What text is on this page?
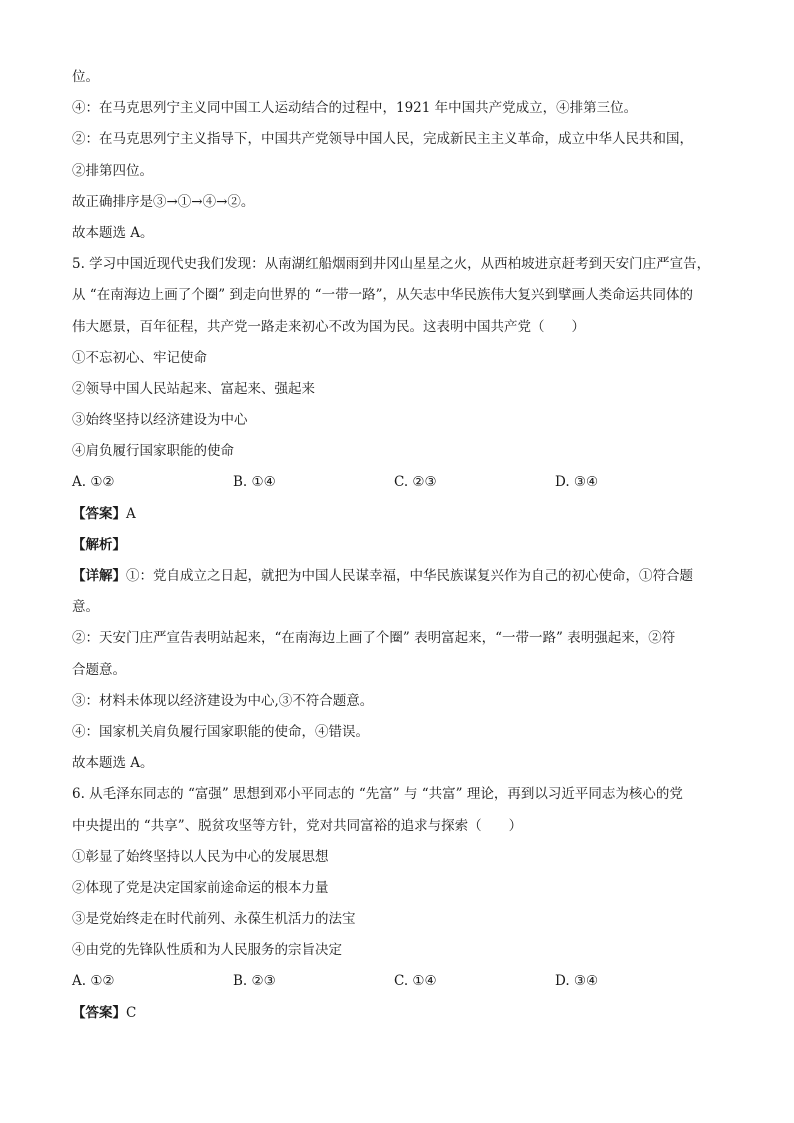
位。
④：在马克思列宁主义同中国工人运动结合的过程中，1921 年中国共产党成立，④排第三位。
②：在马克思列宁主义指导下，中国共产党领导中国人民，完成新民主主义革命，成立中华人民共和国，
②排第四位。
故正确排序是③→①→④→②。
故本题选 A。
5. 学习中国近现代史我们发现：从南湖红船烟雨到井冈山星星之火，从西柏坡进京赶考到天安门庄严宣告，
从 “在南海边上画了个圈” 到走向世界的 “一带一路”，从矢志中华民族伟大复兴到擘画人类命运共同体的
伟大愿景，百年征程，共产党一路走来初心不改为国为民。这表明中国共产党（　　）
①不忘初心、牢记使命
②领导中国人民站起来、富起来、强起来
③始终坚持以经济建设为中心
④肩负履行国家职能的使命
A. ①②	B. ①④	C. ②③	D. ③④
【答案】A
【解析】
【详解】①：党自成立之日起，就把为中国人民谋幸福，中华民族谋复兴作为自己的初心使命，①符合题
意。
②：天安门庄严宣告表明站起来，“在南海边上画了个圈” 表明富起来，“一带一路” 表明强起来，②符
合题意。
③：材料未体现以经济建设为中心,③不符合题意。
④：国家机关肩负履行国家职能的使命，④错误。
故本题选 A。
6. 从毛泽东同志的 “富强” 思想到邓小平同志的 “先富” 与 “共富” 理论，再到以习近平同志为核心的党
中央提出的 “共享”、脱贫攻坚等方针，党对共同富裕的追求与探索（　　）
①彰显了始终坚持以人民为中心的发展思想
②体现了党是决定国家前途命运的根本力量
③是党始终走在时代前列、永葆生机活力的法宝
④由党的先锋队性质和为人民服务的宗旨决定
A. ①②	B. ②③	C. ①④	D. ③④
【答案】C
